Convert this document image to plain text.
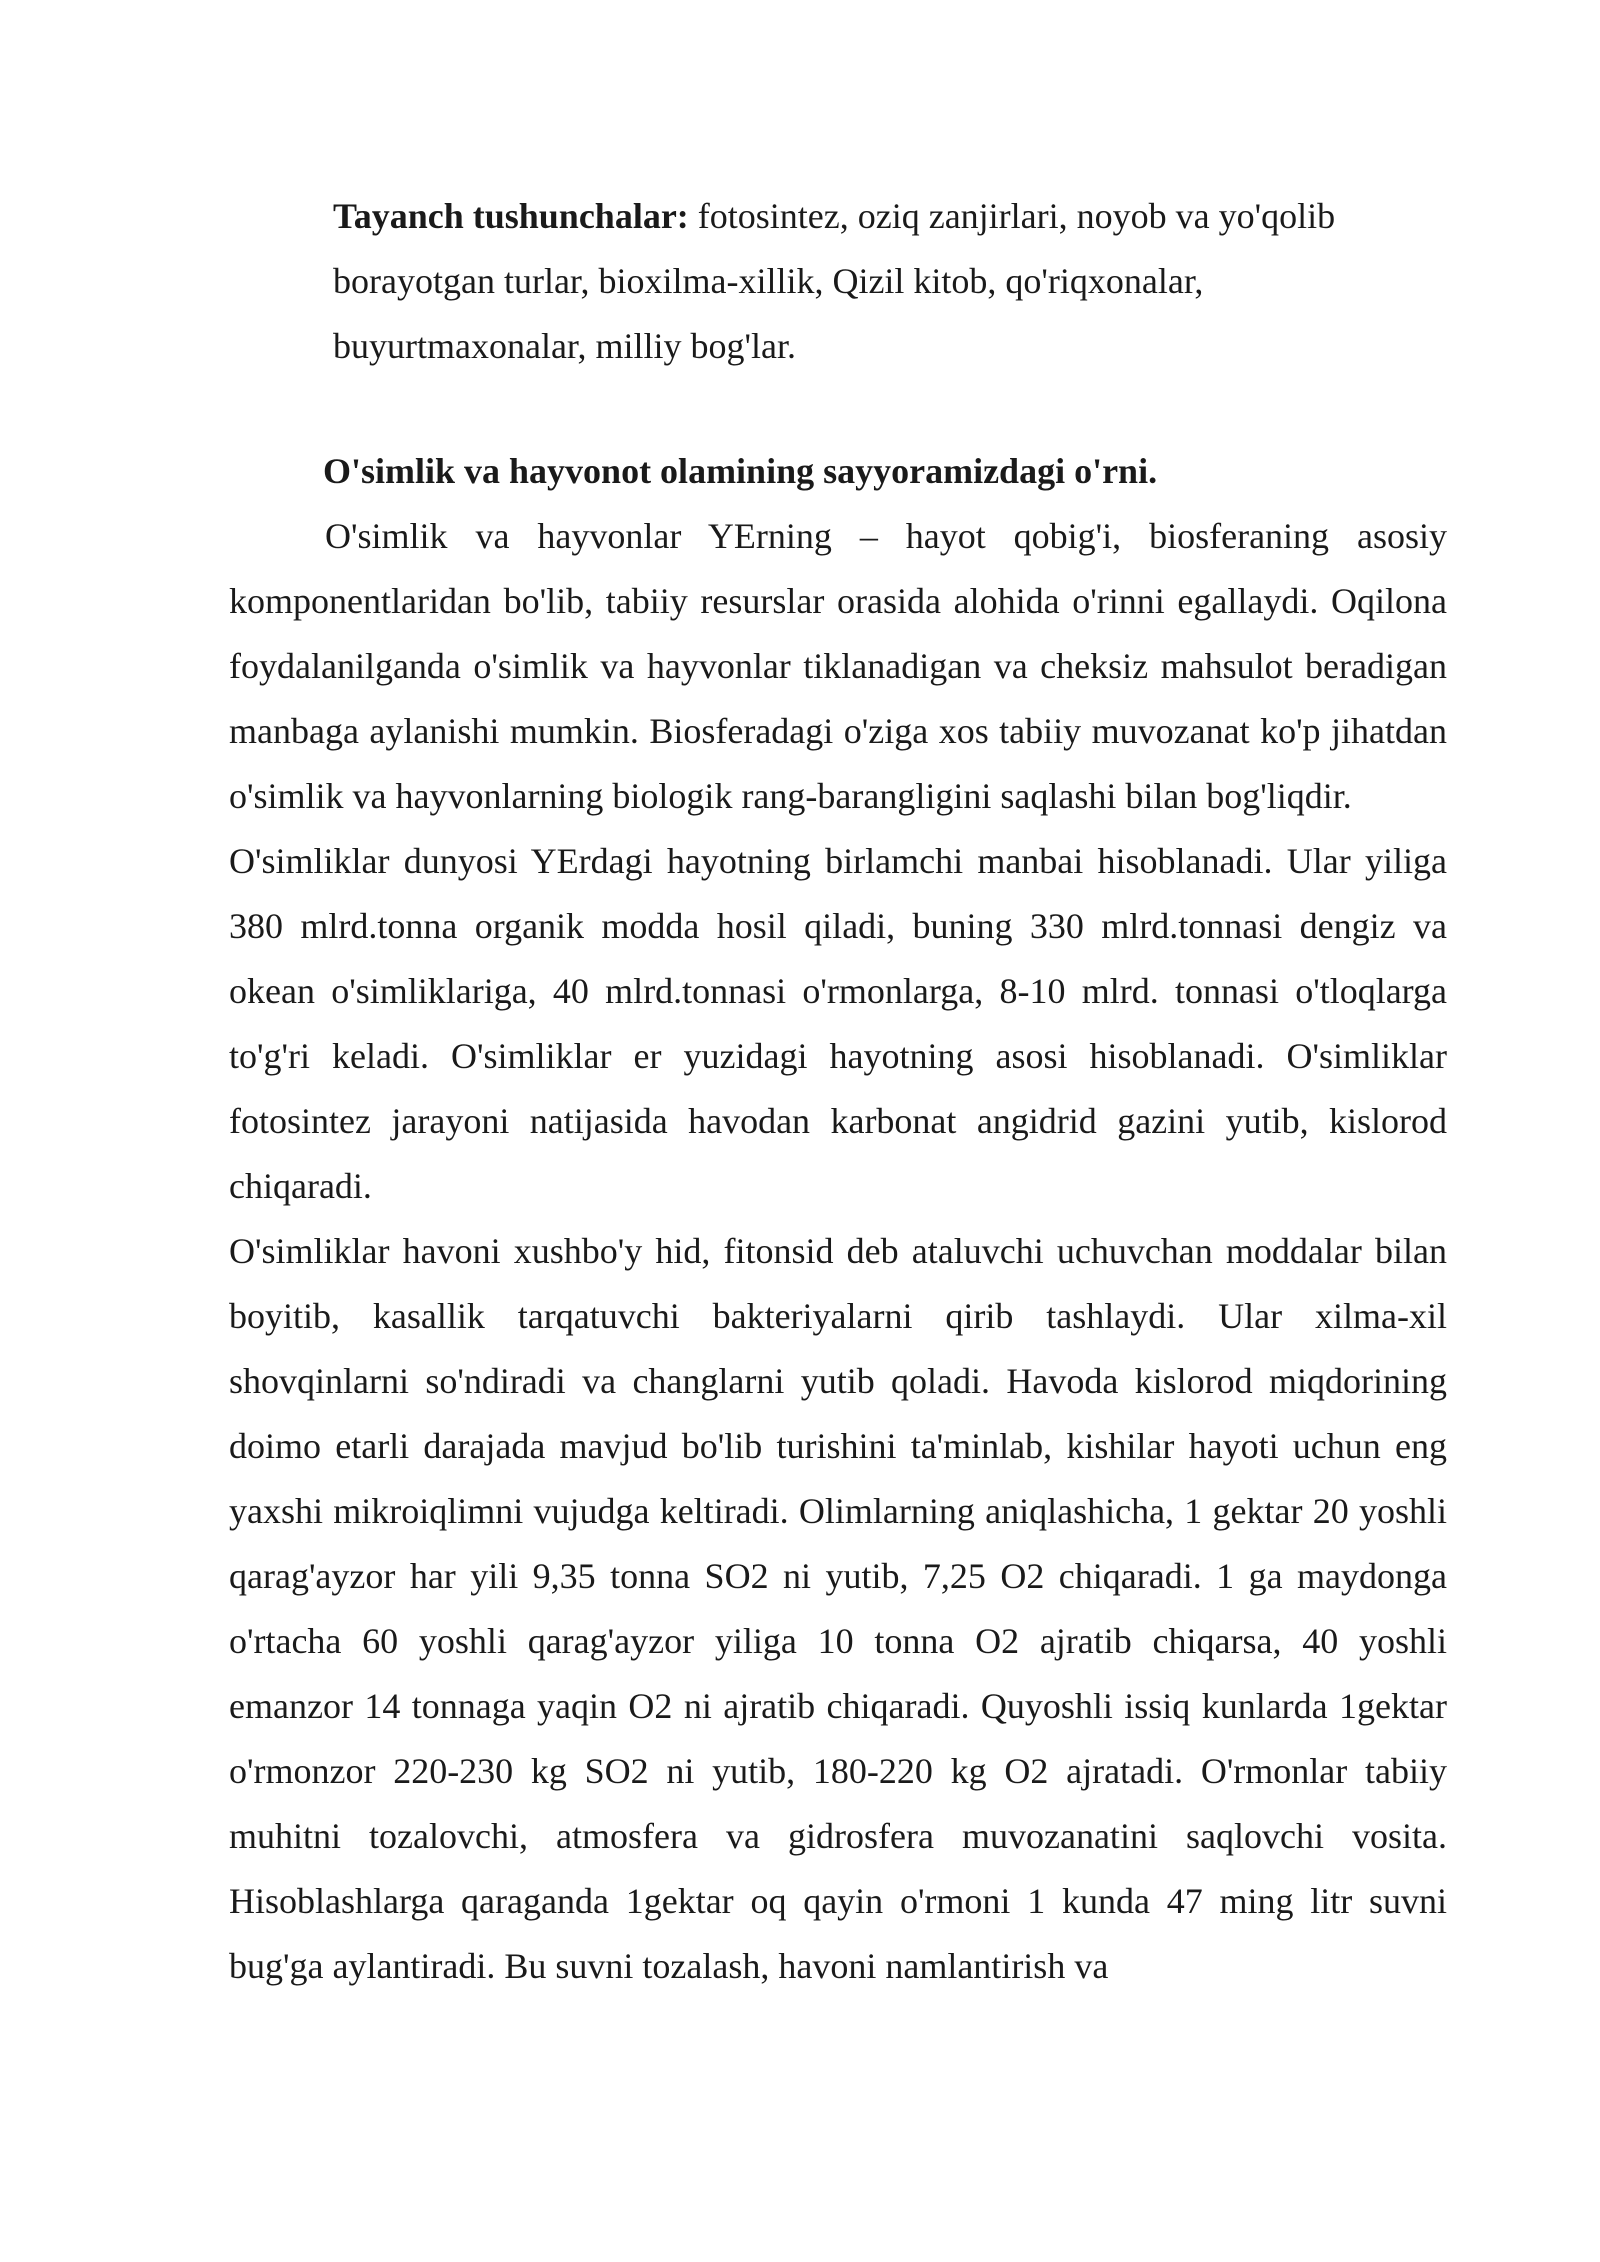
Tayanch tushunchalar: fotosintez, oziq zanjirlari, noyob va yo'qolib borayotgan turlar, bioxilma-xillik, Qizil kitob, qo'riqxonalar, buyurtmaxonalar, milliy bog'lar.
O'simlik va hayvonot olamining sayyoramizdagi o'rni.

O'simlik va hayvonlar YErning – hayot qobig'i, biosferaning asosiy komponentlaridan bo'lib, tabiiy resurslar orasida alohida o'rinni egallaydi. Oqilona foydalanilganda o'simlik va hayvonlar tiklanadigan va cheksiz mahsulot beradigan manbaga aylanishi mumkin. Biosferadagi o'ziga xos tabiiy muvozanat ko'p jihatdan o'simlik va hayvonlarning biologik rang-barangligini saqlashi bilan bog'liqdir.

O'simliklar dunyosi YErdagi hayotning birlamchi manbai hisoblanadi. Ular yiliga 380 mlrd.tonna organik modda hosil qiladi, buning 330 mlrd.tonnasi dengiz va okean o'simliklariga, 40 mlrd.tonnasi o'rmonlarga, 8-10 mlrd. tonnasi o'tloqlarga to'g'ri keladi. O'simliklar er yuzidagi hayotning asosi hisoblanadi. O'simliklar fotosintez jarayoni natijasida havodan karbonat angidrid gazini yutib, kislorod chiqaradi.

O'simliklar havoni xushbo'y hid, fitonsid deb ataluvchi uchuvchan moddalar bilan boyitib, kasallik tarqatuvchi bakteriyalarni qirib tashlaydi. Ular xilma-xil shovqinlarni so'ndiradi va changlarni yutib qoladi. Havoda kislorod miqdorining doimo etarli darajada mavjud bo'lib turishini ta'minlab, kishilar hayoti uchun eng yaxshi mikroiqlimni vujudga keltiradi. Olimlarning aniqlashicha, 1 gektar 20 yoshli qarag'ayzor har yili 9,35 tonna SO2 ni yutib, 7,25 O2 chiqaradi. 1 ga maydonga o'rtacha 60 yoshli qarag'ayzor yiliga 10 tonna O2 ajratib chiqarsa, 40 yoshli emanzor 14 tonnaga yaqin O2 ni ajratib chiqaradi. Quyoshli issiq kunlarda 1gektar o'rmonzor 220-230 kg SO2 ni yutib, 180-220 kg O2 ajratadi. O'rmonlar tabiiy muhitni tozalovchi, atmosfera va gidrosfera muvozanatini saqlovchi vosita. Hisoblashlarga qaraganda 1gektar oq qayin o'rmoni 1 kunda 47 ming litr suvni bug'ga aylantiradi. Bu suvni tozalash, havoni namlantirish va
